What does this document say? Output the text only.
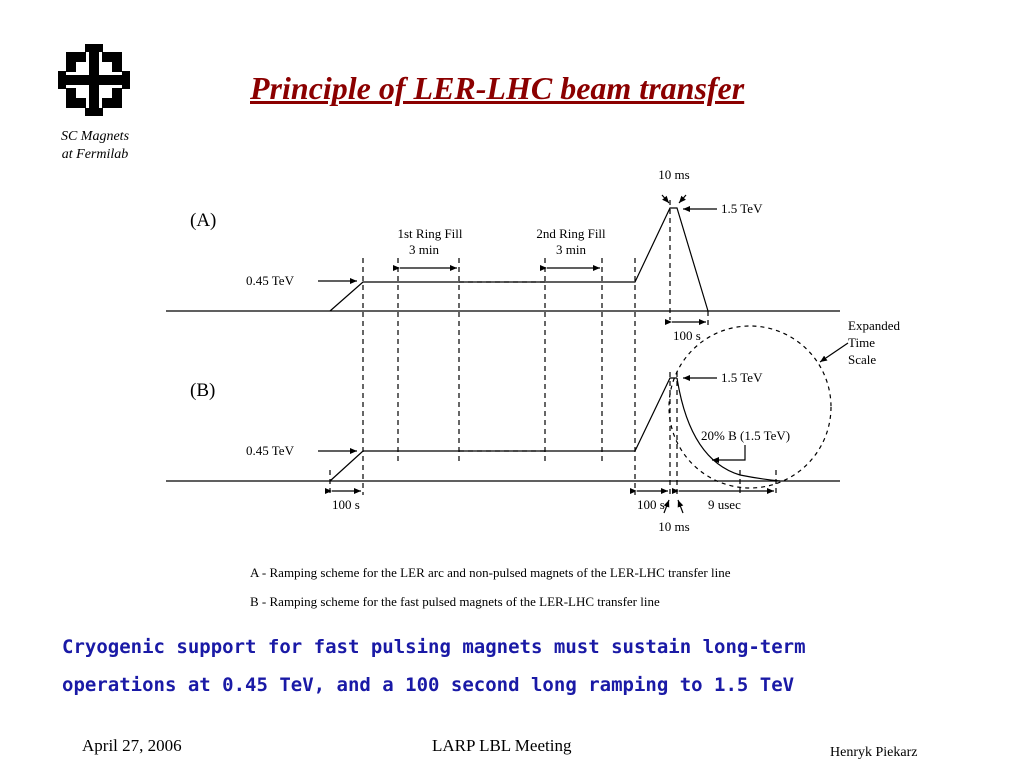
SC Magnets
at Fermilab
Principle of LER-LHC beam transfer
(A)
(B)
1st Ring Fill
3 min
2nd Ring Fill
3 min
0.45 TeV
0.45 TeV
10 ms
1.5 TeV
1.5 TeV
100 s
Expanded
Time
Scale
20% B (1.5 TeV)
100 s	100 s	9 usec
10 ms
A - Ramping scheme for the LER arc and non-pulsed magnets of the LER-LHC transfer line
B - Ramping scheme for the fast pulsed magnets of the LER-LHC transfer line
Cryogenic support for fast pulsing magnets must sustain long-term
operations at 0.45 TeV, and a 100 second long ramping to 1.5 TeV
April 27, 2006	LARP LBL Meeting	Henryk Piekarz
